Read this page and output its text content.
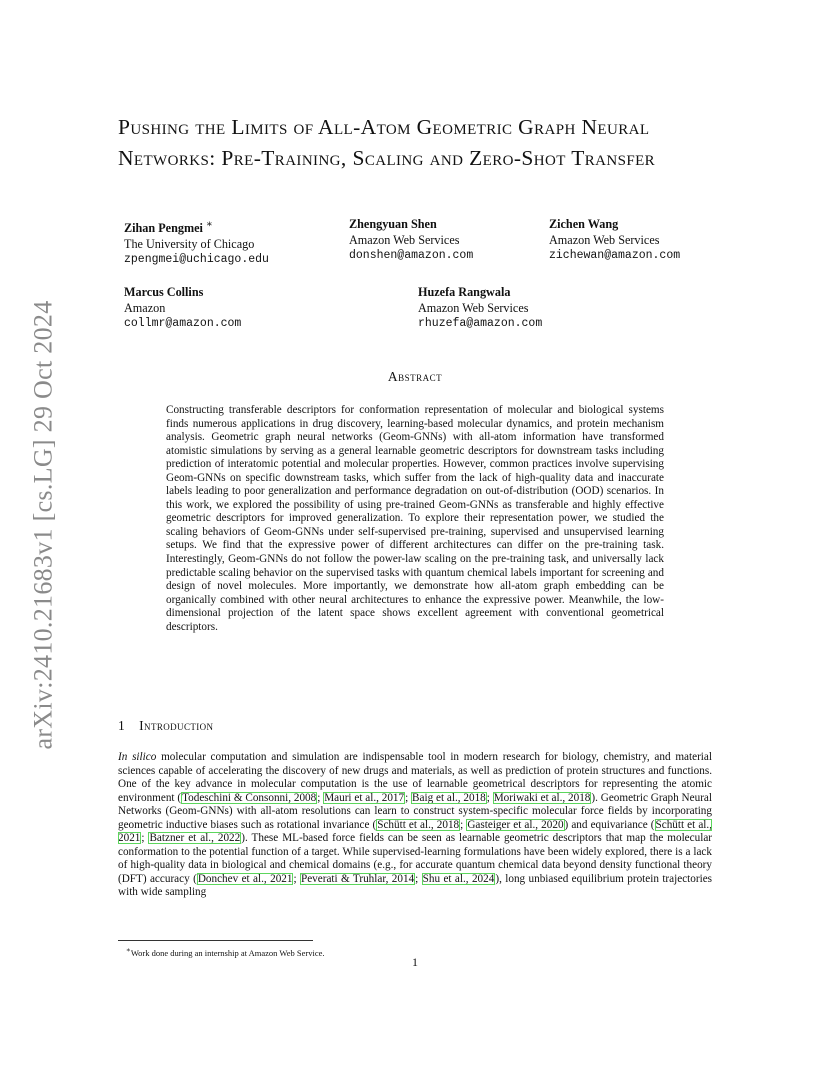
arXiv:2410.21683v1 [cs.LG] 29 Oct 2024
Pushing the Limits of All-Atom Geometric Graph Neural Networks: Pre-Training, Scaling and Zero-Shot Transfer
Zihan Pengmei ∗
The University of Chicago
zpengmei@uchicago.edu
Zhengyuan Shen
Amazon Web Services
donshen@amazon.com
Zichen Wang
Amazon Web Services
zichewan@amazon.com
Marcus Collins
Amazon
collmr@amazon.com
Huzefa Rangwala
Amazon Web Services
rhuzefa@amazon.com
Abstract

Constructing transferable descriptors for conformation representation of molecular and biological systems finds numerous applications in drug discovery, learning-based molecular dynamics, and protein mechanism analysis. Geometric graph neural networks (Geom-GNNs) with all-atom information have transformed atomistic simulations by serving as a general learnable geometric descriptors for downstream tasks including prediction of interatomic potential and molecular properties. However, common practices involve supervising Geom-GNNs on specific downstream tasks, which suffer from the lack of high-quality data and inaccurate labels leading to poor generalization and performance degradation on out-of-distribution (OOD) scenarios. In this work, we explored the possibility of using pre-trained Geom-GNNs as transferable and highly effective geometric descriptors for improved generalization. To explore their representation power, we studied the scaling behaviors of Geom-GNNs under self-supervised pre-training, supervised and unsupervised learning setups. We find that the expressive power of different architectures can differ on the pre-training task. Interestingly, Geom-GNNs do not follow the power-law scaling on the pre-training task, and universally lack predictable scaling behavior on the supervised tasks with quantum chemical labels important for screening and design of novel molecules. More importantly, we demonstrate how all-atom graph embedding can be organically combined with other neural architectures to enhance the expressive power. Meanwhile, the low-dimensional projection of the latent space shows excellent agreement with conventional geometrical descriptors.

1 Introduction

In silico molecular computation and simulation are indispensable tool in modern research for biology, chemistry, and material sciences capable of accelerating the discovery of new drugs and materials, as well as prediction of protein structures and functions. One of the key advance in molecular computation is the use of learnable geometrical descriptors for representing the atomic environment (Todeschini & Consonni, 2008; Mauri et al., 2017; Baig et al., 2018; Moriwaki et al., 2018). Geometric Graph Neural Networks (Geom-GNNs) with all-atom resolutions can learn to construct system-specific molecular force fields by incorporating geometric inductive biases such as rotational invariance (Schütt et al., 2018; Gasteiger et al., 2020) and equivariance (Schütt et al., 2021; Batzner et al., 2022). These ML-based force fields can be seen as learnable geometric descriptors that map the molecular conformation to the potential function of a target. While supervised-learning formulations have been widely explored, there is a lack of high-quality data in biological and chemical domains (e.g., for accurate quantum chemical data beyond density functional theory (DFT) accuracy (Donchev et al., 2021; Peverati & Truhlar, 2014; Shu et al., 2024), long unbiased equilibrium protein trajectories with wide sampling

∗Work done during an internship at Amazon Web Service.
1
